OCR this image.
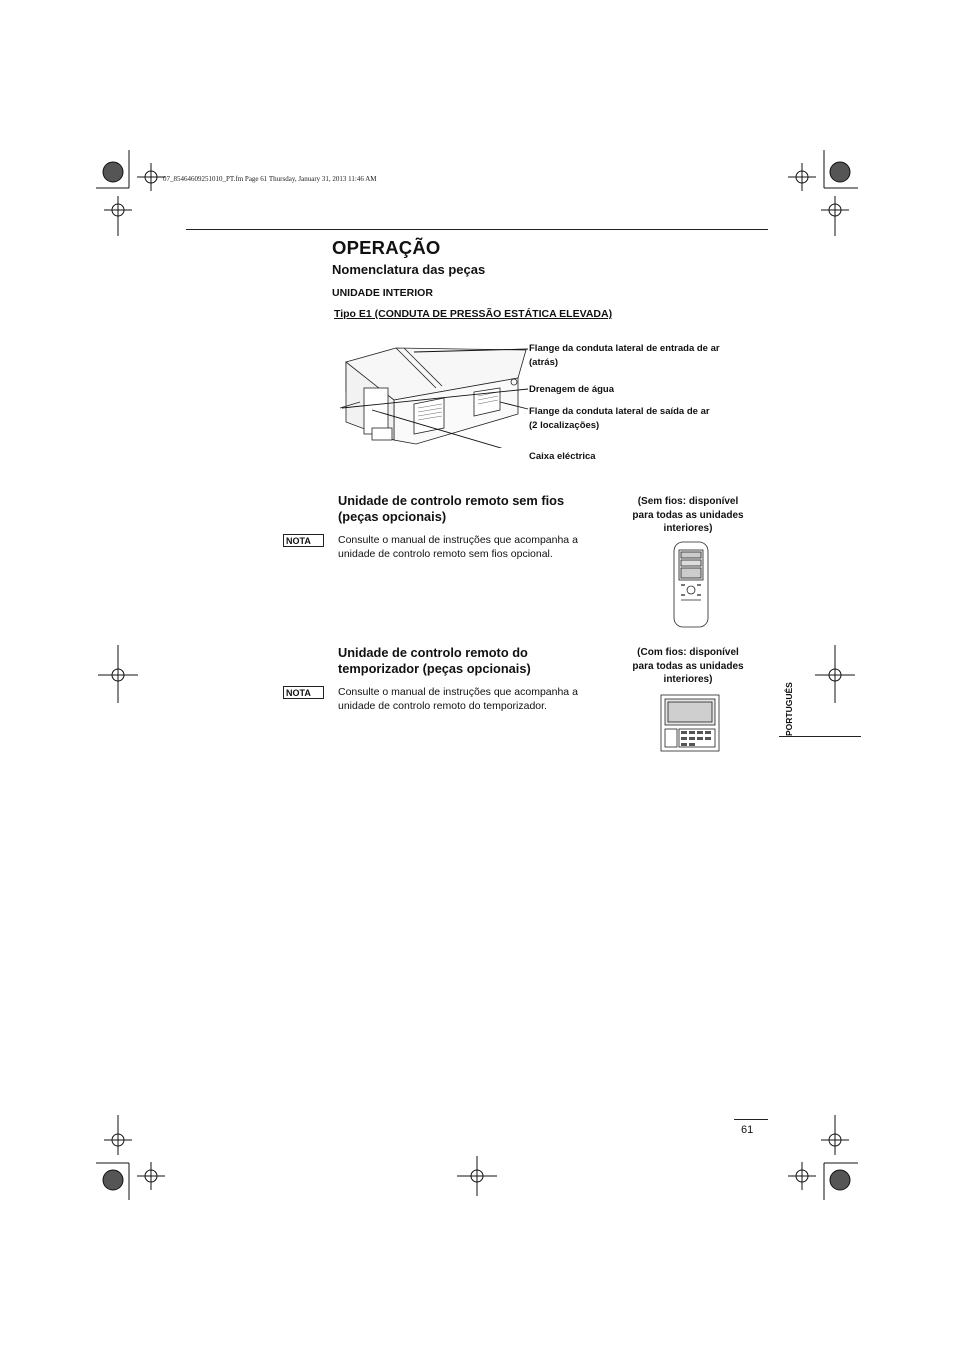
07_85464609251010_PT.fm Page 61 Thursday, January 31, 2013 11:46 AM
OPERAÇÃO
Nomenclatura das peças
UNIDADE INTERIOR
Tipo E1 (CONDUTA DE PRESSÃO ESTÁTICA ELEVADA)
Flange da conduta lateral de entrada de ar
(atrás)
Drenagem de água
Flange da conduta lateral de saída de ar
(2 localizações)
Caixa eléctrica
Unidade de controlo remoto sem fios
(peças opcionais)
NOTA	Consulte o manual de instruções que acompanha a
unidade de controlo remoto sem fios opcional.
(Sem fios: disponível
para todas as unidades
interiores)
Unidade de controlo remoto do
temporizador (peças opcionais)
NOTA	Consulte o manual de instruções que acompanha a
unidade de controlo remoto do temporizador.
(Com fios: disponível
para todas as unidades
interiores)
PORTUGUÊS
61
